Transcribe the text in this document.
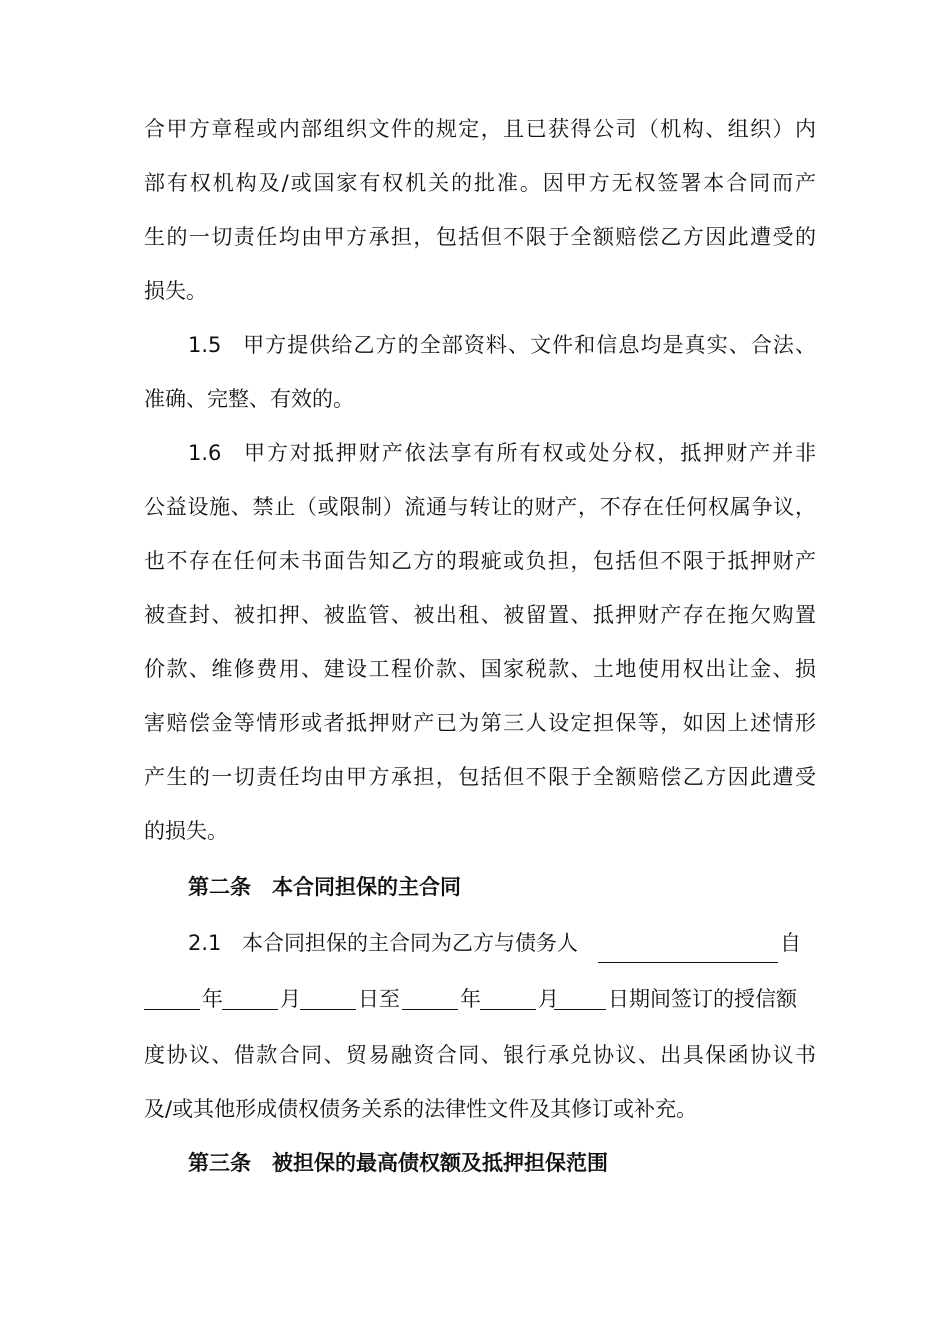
合甲方章程或内部组织文件的规定，且已获得公司（机构、组织）内
部有权机构及/或国家有权机关的批准。因甲方无权签署本合同而产
生的一切责任均由甲方承担，包括但不限于全额赔偿乙方因此遭受的
损失。
1.5 甲方提供给乙方的全部资料、文件和信息均是真实、合法、
准确、完整、有效的。
1.6 甲方对抵押财产依法享有所有权或处分权，抵押财产并非
公益设施、禁止（或限制）流通与转让的财产，不存在任何权属争议，
也不存在任何未书面告知乙方的瑕疵或负担，包括但不限于抵押财产
被查封、被扣押、被监管、被出租、被留置、抵押财产存在拖欠购置
价款、维修费用、建设工程价款、国家税款、土地使用权出让金、损
害赔偿金等情形或者抵押财产已为第三人设定担保等，如因上述情形
产生的一切责任均由甲方承担，包括但不限于全额赔偿乙方因此遭受
的损失。
第二条　本合同担保的主合同
2.1 本合同担保的主合同为乙方与债务人	自
年	月	日至	年	月 日期间签订的授信额
度协议、借款合同、贸易融资合同、银行承兑协议、出具保函协议书
及/或其他形成债权债务关系的法律性文件及其修订或补充。
第三条　被担保的最高债权额及抵押担保范围
